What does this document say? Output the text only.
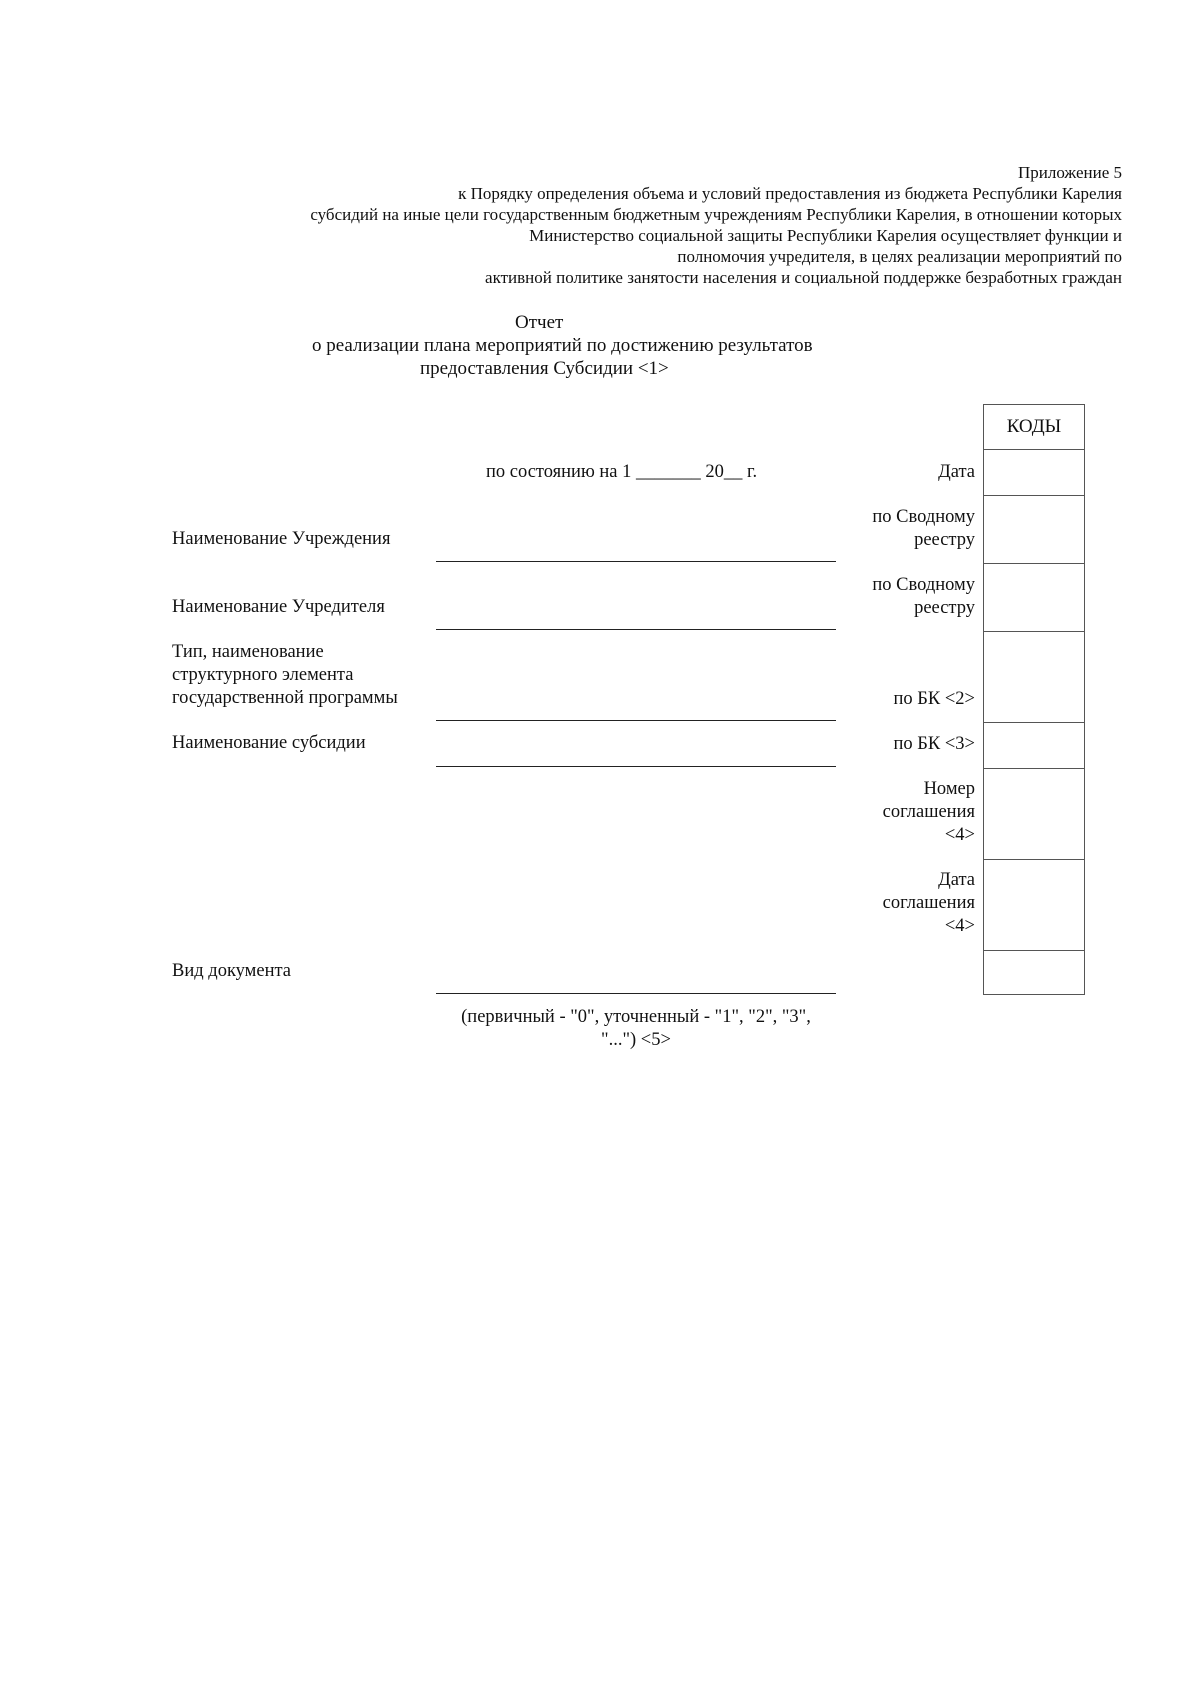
Приложение 5
к Порядку определения объема и условий предоставления из бюджета Республики Карелия
субсидий на иные цели государственным бюджетным учреждениям Республики Карелия, в отношении которых
Министерство социальной защиты Республики Карелия осуществляет функции и
полномочия учредителя, в целях реализации мероприятий по
активной политике занятости населения и социальной поддержке безработных граждан
Отчет
о реализации плана мероприятий по достижению результатов
предоставления Субсидии <1>
по состоянию на 1 _______ 20__ г.
Наименование Учреждения
Наименование Учредителя
Тип, наименование
структурного элемента
государственной программы
Наименование субсидии
Вид документа
(первичный - "0", уточненный - "1", "2", "3",
"...") <5>
Дата
по Сводному
реестру
по Сводному
реестру
по БК <2>
по БК <3>
Номер
соглашения
<4>
Дата
соглашения
<4>
КОДЫ
